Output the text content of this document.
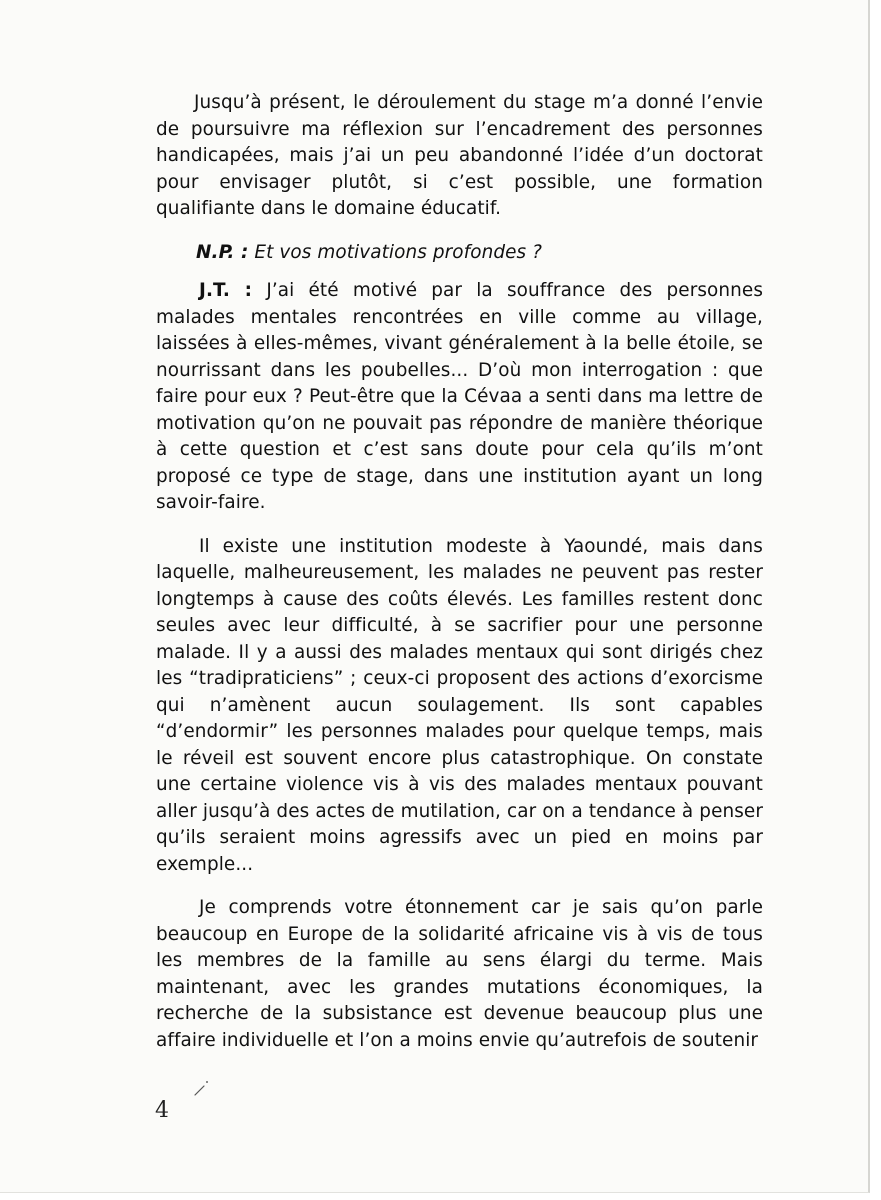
Jusqu’à présent, le déroulement du stage m’a donné l’envie de poursuivre ma réflexion sur l’encadrement des personnes handicapées, mais j’ai un peu abandonné l’idée d’un doctorat pour envisager plutôt, si c’est possible, une formation qualifiante dans le domaine éducatif.

N.P. : Et vos motivations profondes ?

J.T. : J’ai été motivé par la souffrance des personnes malades mentales rencontrées en ville comme au village, laissées à elles-mêmes, vivant généralement à la belle étoile, se nourrissant dans les poubelles... D’où mon interrogation : que faire pour eux ? Peut-être que la Cévaa a senti dans ma lettre de motivation qu’on ne pouvait pas répondre de manière théorique à cette question et c’est sans doute pour cela qu’ils m’ont proposé ce type de stage, dans une institution ayant un long savoir-faire.

Il existe une institution modeste à Yaoundé, mais dans laquelle, malheureusement, les malades ne peuvent pas rester longtemps à cause des coûts élevés. Les familles restent donc seules avec leur difficulté, à se sacrifier pour une personne malade. Il y a aussi des malades mentaux qui sont dirigés chez les “tradipraticiens” ; ceux-ci proposent des actions d’exorcisme qui n’amènent aucun soulagement. Ils sont capables “d’endormir” les personnes malades pour quelque temps, mais le réveil est souvent encore plus catastrophique. On constate une certaine violence vis à vis des malades mentaux pouvant aller jusqu’à des actes de mutilation, car on a tendance à penser qu’ils seraient moins agressifs avec un pied en moins par exemple...

Je comprends votre étonnement car je sais qu’on parle beaucoup en Europe de la solidarité africaine vis à vis de tous les membres de la famille au sens élargi du terme. Mais maintenant, avec les grandes mutations économiques, la recherche de la subsistance est devenue beaucoup plus une affaire individuelle et l’on a moins envie qu’autrefois de soutenir

4
